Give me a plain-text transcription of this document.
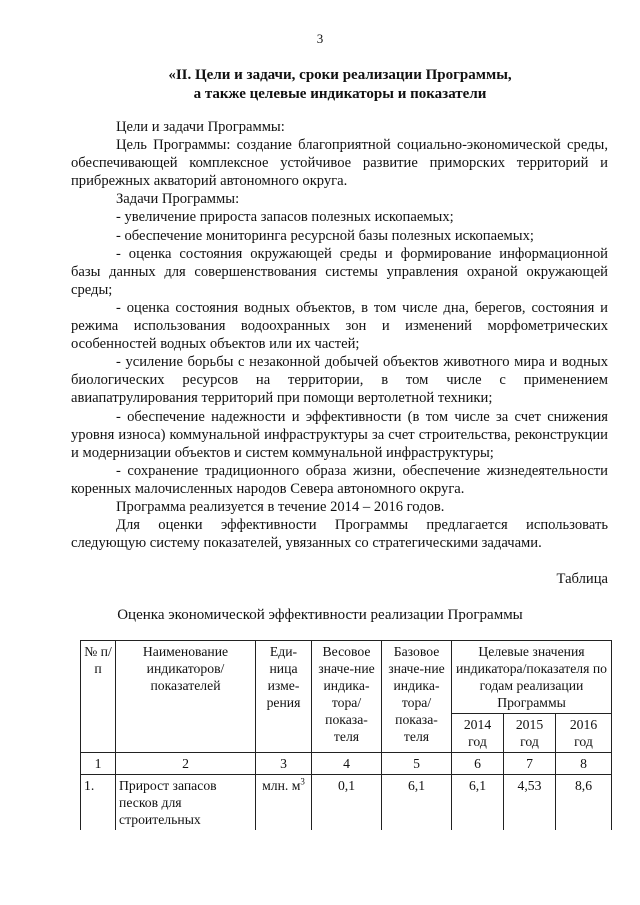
3
«II. Цели и задачи, сроки реализации Программы,
а также целевые индикаторы и показатели

Цели и задачи Программы:

Цель Программы: создание благоприятной социально-экономической среды, обеспечивающей комплексное устойчивое развитие приморских территорий и прибрежных акваторий автономного округа.

Задачи Программы:

- увеличение прироста запасов полезных ископаемых;

- обеспечение мониторинга ресурсной базы полезных ископаемых;

- оценка состояния окружающей среды и формирование информационной базы данных для совершенствования системы управления охраной окружающей среды;

- оценка состояния водных объектов, в том числе дна, берегов, состояния и режима использования водоохранных зон и изменений морфометрических особенностей водных объектов или их частей;

- усиление борьбы с незаконной добычей объектов животного мира и водных биологических ресурсов на территории, в том числе с применением авиапатрулирования территорий при помощи вертолетной техники;

- обеспечение надежности и эффективности (в том числе за счет снижения уровня износа) коммунальной инфраструктуры за счет строительства, реконструкции и модернизации объектов и систем коммунальной инфраструктуры;

- сохранение традиционного образа жизни, обеспечение жизнедеятельности коренных малочисленных народов Севера автономного округа.

Программа реализуется в течение 2014 – 2016 годов.

Для оценки эффективности Программы предлагается использовать следующую систему показателей, увязанных со стратегическими задачами.

Таблица
Оценка экономической эффективности реализации Программы
№ п/п	Наименование индикаторов/ показателей	Еди-ница изме-рения	Весовое значе-ние индика-тора/ показа-теля	Базовое значе-ние индика-тора/ показа-теля	Целевые значения индикатора/показателя по годам реализации Программы		
					2014 год	2015 год	2016 год
1	2	3	4	5	6	7	8
1.	Прирост запасов песков для строительных	млн. $м^3$	0,1	6,1	6,1	4,53	8,6
